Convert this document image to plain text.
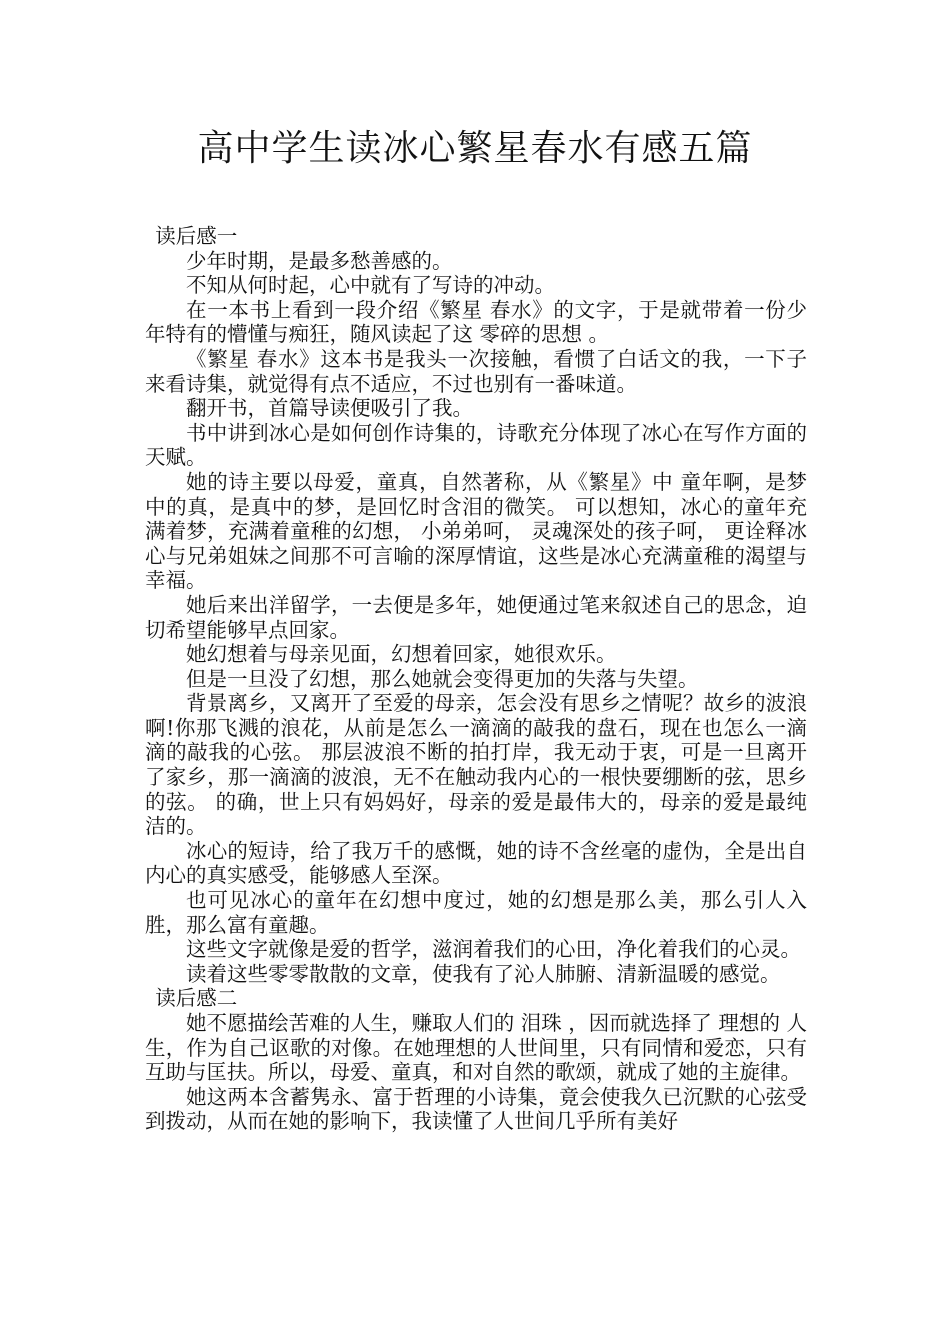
高中学生读冰心繁星春水有感五篇

读后感一

少年时期，是最多愁善感的。

不知从何时起，心中就有了写诗的冲动。

在一本书上看到一段介绍《繁星 春水》的文字，于是就带着一份少年特有的懵懂与痴狂，随风读起了这 零碎的思想 。

《繁星 春水》这本书是我头一次接触，看惯了白话文的我，一下子来看诗集，就觉得有点不适应，不过也别有一番味道。

翻开书，首篇导读便吸引了我。

书中讲到冰心是如何创作诗集的，诗歌充分体现了冰心在写作方面的天赋。

她的诗主要以母爱，童真，自然著称，从《繁星》中 童年啊，是梦中的真，是真中的梦，是回忆时含泪的微笑。 可以想知，冰心的童年充满着梦，充满着童稚的幻想， 小弟弟呵， 灵魂深处的孩子呵， 更诠释冰心与兄弟姐妹之间那不可言喻的深厚情谊，这些是冰心充满童稚的渴望与幸福。

她后来出洋留学，一去便是多年，她便通过笔来叙述自己的思念，迫切希望能够早点回家。

她幻想着与母亲见面，幻想着回家，她很欢乐。

但是一旦没了幻想，那么她就会变得更加的失落与失望。

背景离乡，又离开了至爱的母亲，怎会没有思乡之情呢？故乡的波浪啊!你那飞溅的浪花，从前是怎么一滴滴的敲我的盘石，现在也怎么一滴滴的敲我的心弦。 那层波浪不断的拍打岸，我无动于衷，可是一旦离开了家乡，那一滴滴的波浪，无不在触动我内心的一根快要绷断的弦，思乡的弦。 的确，世上只有妈妈好，母亲的爱是最伟大的，母亲的爱是最纯洁的。

冰心的短诗，给了我万千的感慨，她的诗不含丝毫的虚伪，全是出自内心的真实感受，能够感人至深。

也可见冰心的童年在幻想中度过，她的幻想是那么美，那么引人入胜，那么富有童趣。

这些文字就像是爱的哲学，滋润着我们的心田，净化着我们的心灵。

读着这些零零散散的文章，使我有了沁人肺腑、清新温暖的感觉。

读后感二

她不愿描绘苦难的人生，赚取人们的 泪珠 ，因而就选择了 理想的 人生，作为自己讴歌的对像。在她理想的人世间里，只有同情和爱恋，只有互助与匡扶。所以，母爱、童真，和对自然的歌颂，就成了她的主旋律。

她这两本含蓄隽永、富于哲理的小诗集，竟会使我久已沉默的心弦受到拨动，从而在她的影响下，我读懂了人世间几乎所有美好
